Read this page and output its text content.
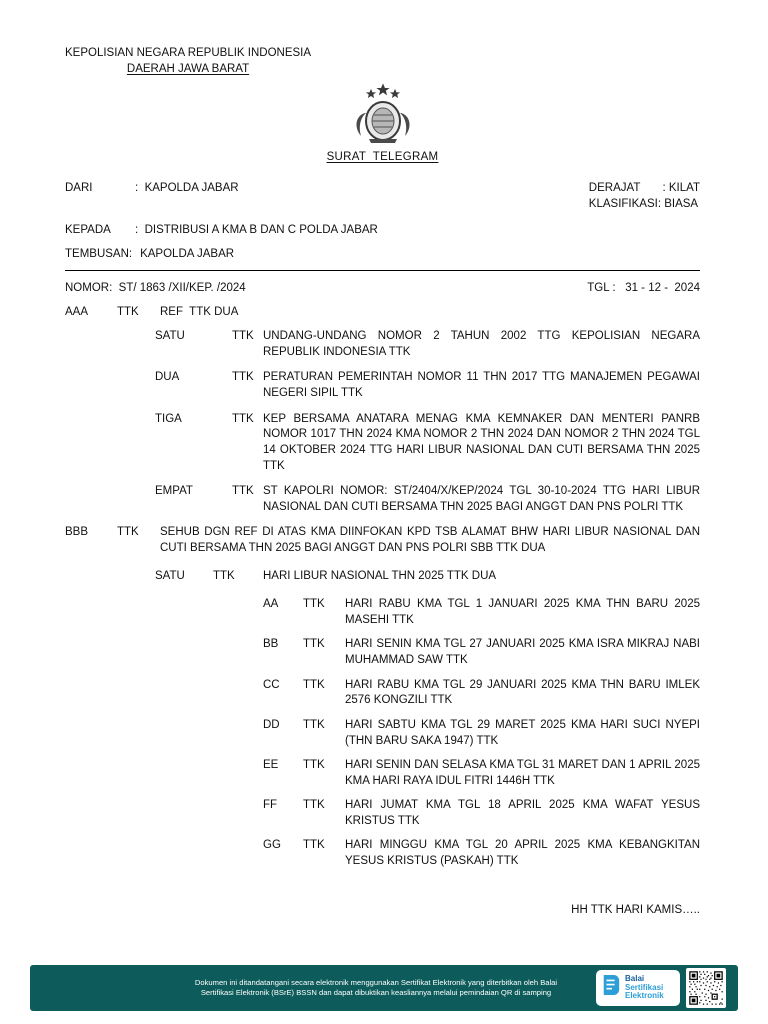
KEPOLISIAN NEGARA REPUBLIK INDONESIA
DAERAH JAWA BARAT
SURAT  TELEGRAM
DARI	:  KAPOLDA JABAR	DERAJAT       : KILAT
KLASIFIKASI: BIASA
KEPADA	:  DISTRIBUSI A KMA B DAN C POLDA JABAR
TEMBUSAN: KAPOLDA JABAR
NOMOR:  ST/ 1863 /XII/KEP. /2024	TGL :   31 - 12 -  2024
AAA	TTK	REF  TTK DUA
SATU	TTK UNDANG-UNDANG NOMOR 2 TAHUN 2002 TTG KEPOLISIAN NEGARA REPUBLIK INDONESIA TTK
DUA	TTK PERATURAN PEMERINTAH NOMOR 11 THN 2017 TTG MANAJEMEN PEGAWAI NEGERI SIPIL TTK
TIGA	TTK KEP BERSAMA ANATARA MENAG KMA KEMNAKER DAN MENTERI PANRB NOMOR 1017 THN 2024 KMA NOMOR 2 THN 2024 DAN NOMOR 2 THN 2024 TGL 14 OKTOBER 2024 TTG HARI LIBUR NASIONAL DAN CUTI BERSAMA THN 2025 TTK
EMPAT	TTK ST KAPOLRI NOMOR: ST/2404/X/KEP/2024 TGL 30-10-2024 TTG HARI LIBUR NASIONAL DAN CUTI BERSAMA THN 2025 BAGI ANGGT DAN PNS POLRI TTK
BBB	TTK	SEHUB DGN REF DI ATAS KMA DIINFOKAN KPD TSB ALAMAT BHW HARI LIBUR NASIONAL DAN CUTI BERSAMA THN 2025 BAGI ANGGT DAN PNS POLRI SBB TTK DUA
SATU	TTK	HARI LIBUR NASIONAL THN 2025 TTK DUA
AA	TTK	HARI RABU KMA TGL 1 JANUARI 2025 KMA THN BARU 2025 MASEHI TTK
BB	TTK	HARI SENIN KMA TGL 27 JANUARI 2025 KMA ISRA MIKRAJ NABI MUHAMMAD SAW TTK
CC	TTK	HARI RABU KMA TGL 29 JANUARI 2025 KMA THN BARU IMLEK 2576 KONGZILI TTK
DD	TTK	HARI SABTU KMA TGL 29 MARET 2025 KMA HARI SUCI NYEPI (THN BARU SAKA 1947) TTK
EE	TTK	HARI SENIN DAN SELASA KMA TGL 31 MARET DAN 1 APRIL 2025 KMA HARI RAYA IDUL FITRI 1446H TTK
FF	TTK	HARI JUMAT KMA TGL 18 APRIL 2025 KMA WAFAT YESUS KRISTUS TTK
GG	TTK	HARI MINGGU KMA TGL 20 APRIL 2025 KMA KEBANGKITAN YESUS KRISTUS (PASKAH) TTK
HH TTK HARI KAMIS…..
Dokumen ini ditandatangani secara elektronik menggunakan Sertifikat Elektronik yang diterbitkan oleh Balai
Sertifikasi Elektronik (BSrE) BSSN dan dapat dibuktikan keasliannya melalui pemindaian QR di samping
Balai
Sertifikasi
Elektronik
